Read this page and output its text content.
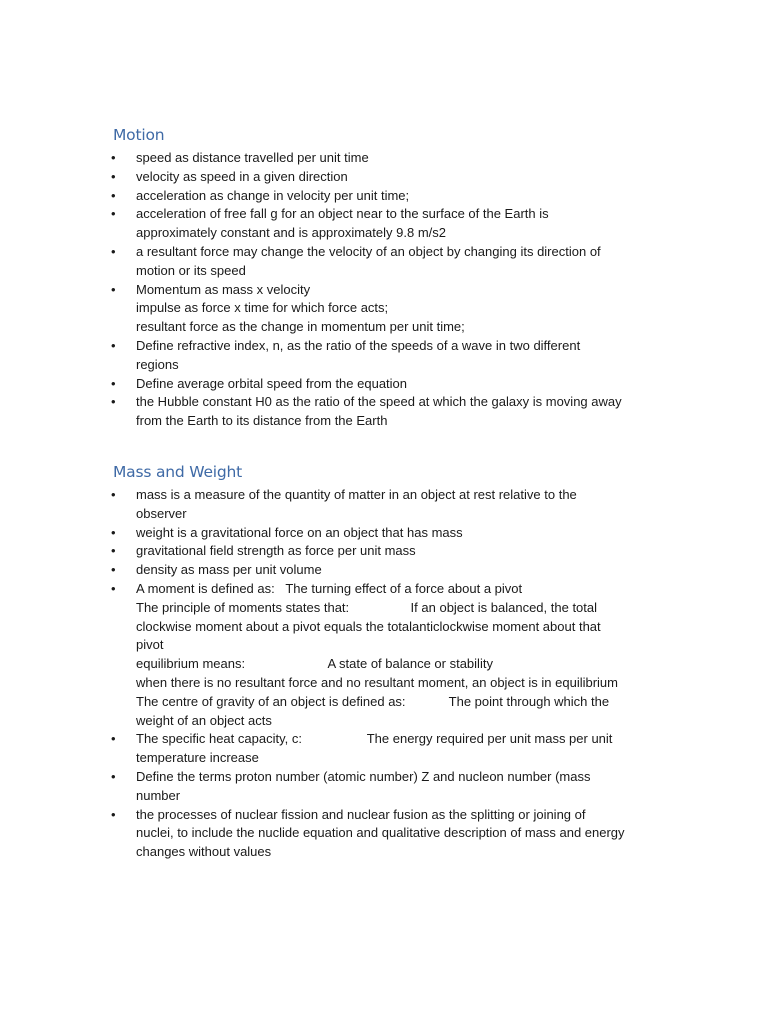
Motion
• speed as distance travelled per unit time
• velocity as speed in a given direction
• acceleration as change in velocity per unit time;
• acceleration of free fall g for an object near to the surface of the Earth is
approximately constant and is approximately 9.8 m/s2
• a resultant force may change the velocity of an object by changing its direction of
motion or its speed
• Momentum as mass x velocity
impulse as force x time for which force acts;
resultant force as the change in momentum per unit time;
• Define refractive index, n, as the ratio of the speeds of a wave in two different
regions
• Define average orbital speed from the equation
• the Hubble constant H0 as the ratio of the speed at which the galaxy is moving away
from the Earth to its distance from the Earth
Mass and Weight
• mass is a measure of the quantity of matter in an object at rest relative to the
observer
• weight is a gravitational force on an object that has mass
• gravitational field strength as force per unit mass
• density as mass per unit volume
• A moment is defined as:   The turning effect of a force about a pivot
The principle of moments states that:                 If an object is balanced, the total
clockwise moment about a pivot equals the totalanticlockwise moment about that
pivot
equilibrium means:                       A state of balance or stability
when there is no resultant force and no resultant moment, an object is in equilibrium
The centre of gravity of an object is defined as:            The point through which the
weight of an object acts
• The specific heat capacity, c:                  The energy required per unit mass per unit
temperature increase
• Define the terms proton number (atomic number) Z and nucleon number (mass
number
• the processes of nuclear fission and nuclear fusion as the splitting or joining of
nuclei, to include the nuclide equation and qualitative description of mass and energy
changes without values
